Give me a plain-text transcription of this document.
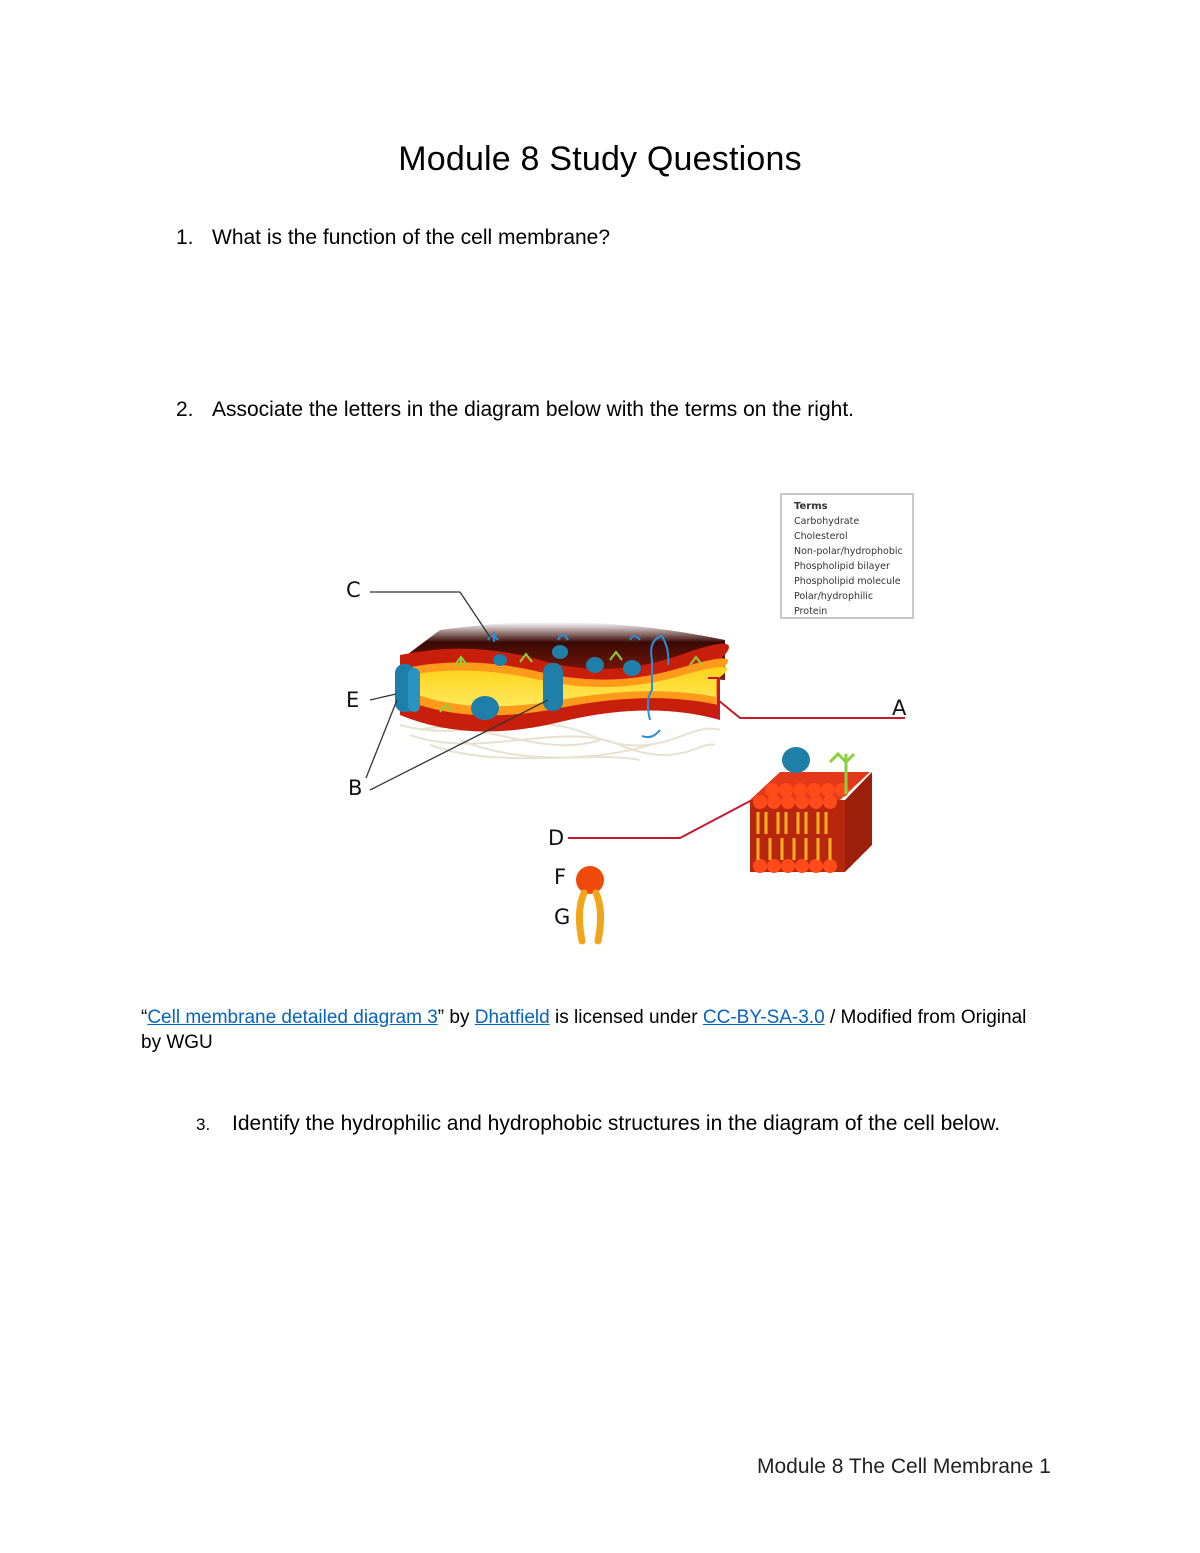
Module 8 Study Questions
1. What is the function of the cell membrane?
2. Associate the letters in the diagram below with the terms on the right.
Terms
Carbohydrate
Cholesterol
Non-polar/hydrophobic
Phospholipid bilayer
Phospholipid molecule
Polar/hydrophilic
Protein
C
E
B
A
D
F
G
“Cell membrane detailed diagram 3” by Dhatfield is licensed under CC-BY-SA-3.0 / Modified from Original by WGU
3. Identify the hydrophilic and hydrophobic structures in the diagram of the cell below.
Module 8 The Cell Membrane 1
